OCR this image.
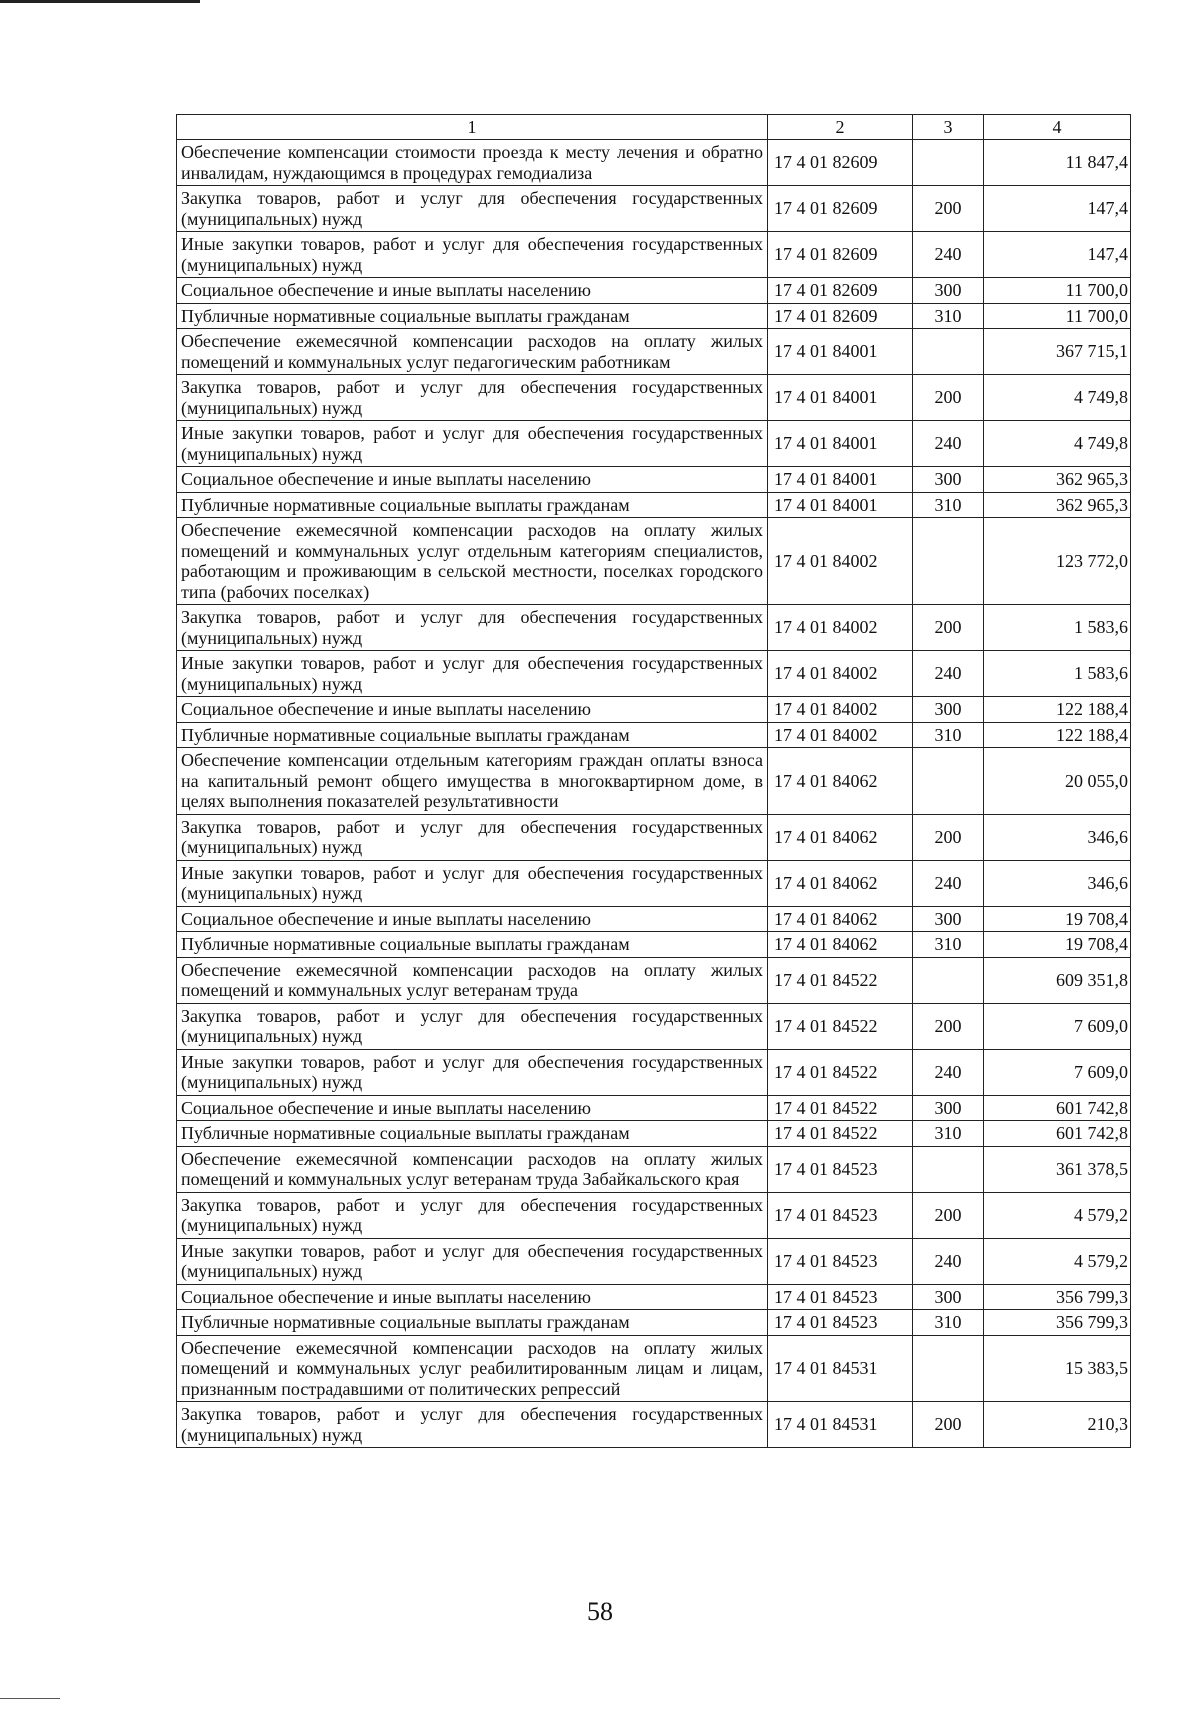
1	2	3	4
Обеспечение компенсации стоимости проезда к месту лечения и обратно инвалидам, нуждающимся в процедурах гемодиализа	17 4 01 82609		11 847,4
Закупка товаров, работ и услуг для обеспечения государственных (муниципальных) нужд	17 4 01 82609	200	147,4
Иные закупки товаров, работ и услуг для обеспечения государственных (муниципальных) нужд	17 4 01 82609	240	147,4
Социальное обеспечение и иные выплаты населению	17 4 01 82609	300	11 700,0
Публичные нормативные социальные выплаты гражданам	17 4 01 82609	310	11 700,0
Обеспечение ежемесячной компенсации расходов на оплату жилых помещений и коммунальных услуг педагогическим работникам	17 4 01 84001		367 715,1
Закупка товаров, работ и услуг для обеспечения государственных (муниципальных) нужд	17 4 01 84001	200	4 749,8
Иные закупки товаров, работ и услуг для обеспечения государственных (муниципальных) нужд	17 4 01 84001	240	4 749,8
Социальное обеспечение и иные выплаты населению	17 4 01 84001	300	362 965,3
Публичные нормативные социальные выплаты гражданам	17 4 01 84001	310	362 965,3
Обеспечение ежемесячной компенсации расходов на оплату жилых помещений и коммунальных услуг отдельным категориям специалистов, работающим и проживающим в сельской местности, поселках городского типа (рабочих поселках)	17 4 01 84002		123 772,0
Закупка товаров, работ и услуг для обеспечения государственных (муниципальных) нужд	17 4 01 84002	200	1 583,6
Иные закупки товаров, работ и услуг для обеспечения государственных (муниципальных) нужд	17 4 01 84002	240	1 583,6
Социальное обеспечение и иные выплаты населению	17 4 01 84002	300	122 188,4
Публичные нормативные социальные выплаты гражданам	17 4 01 84002	310	122 188,4
Обеспечение компенсации отдельным категориям граждан оплаты взноса на капитальный ремонт общего имущества в многоквартирном доме, в целях выполнения показателей результативности	17 4 01 84062		20 055,0
Закупка товаров, работ и услуг для обеспечения государственных (муниципальных) нужд	17 4 01 84062	200	346,6
Иные закупки товаров, работ и услуг для обеспечения государственных (муниципальных) нужд	17 4 01 84062	240	346,6
Социальное обеспечение и иные выплаты населению	17 4 01 84062	300	19 708,4
Публичные нормативные социальные выплаты гражданам	17 4 01 84062	310	19 708,4
Обеспечение ежемесячной компенсации расходов на оплату жилых помещений и коммунальных услуг ветеранам труда	17 4 01 84522		609 351,8
Закупка товаров, работ и услуг для обеспечения государственных (муниципальных) нужд	17 4 01 84522	200	7 609,0
Иные закупки товаров, работ и услуг для обеспечения государственных (муниципальных) нужд	17 4 01 84522	240	7 609,0
Социальное обеспечение и иные выплаты населению	17 4 01 84522	300	601 742,8
Публичные нормативные социальные выплаты гражданам	17 4 01 84522	310	601 742,8
Обеспечение ежемесячной компенсации расходов на оплату жилых помещений и коммунальных услуг ветеранам труда Забайкальского края	17 4 01 84523		361 378,5
Закупка товаров, работ и услуг для обеспечения государственных (муниципальных) нужд	17 4 01 84523	200	4 579,2
Иные закупки товаров, работ и услуг для обеспечения государственных (муниципальных) нужд	17 4 01 84523	240	4 579,2
Социальное обеспечение и иные выплаты населению	17 4 01 84523	300	356 799,3
Публичные нормативные социальные выплаты гражданам	17 4 01 84523	310	356 799,3
Обеспечение ежемесячной компенсации расходов на оплату жилых помещений и коммунальных услуг реабилитированным лицам и лицам, признанным пострадавшими от политических репрессий	17 4 01 84531		15 383,5
Закупка товаров, работ и услуг для обеспечения государственных (муниципальных) нужд	17 4 01 84531	200	210,3
58
